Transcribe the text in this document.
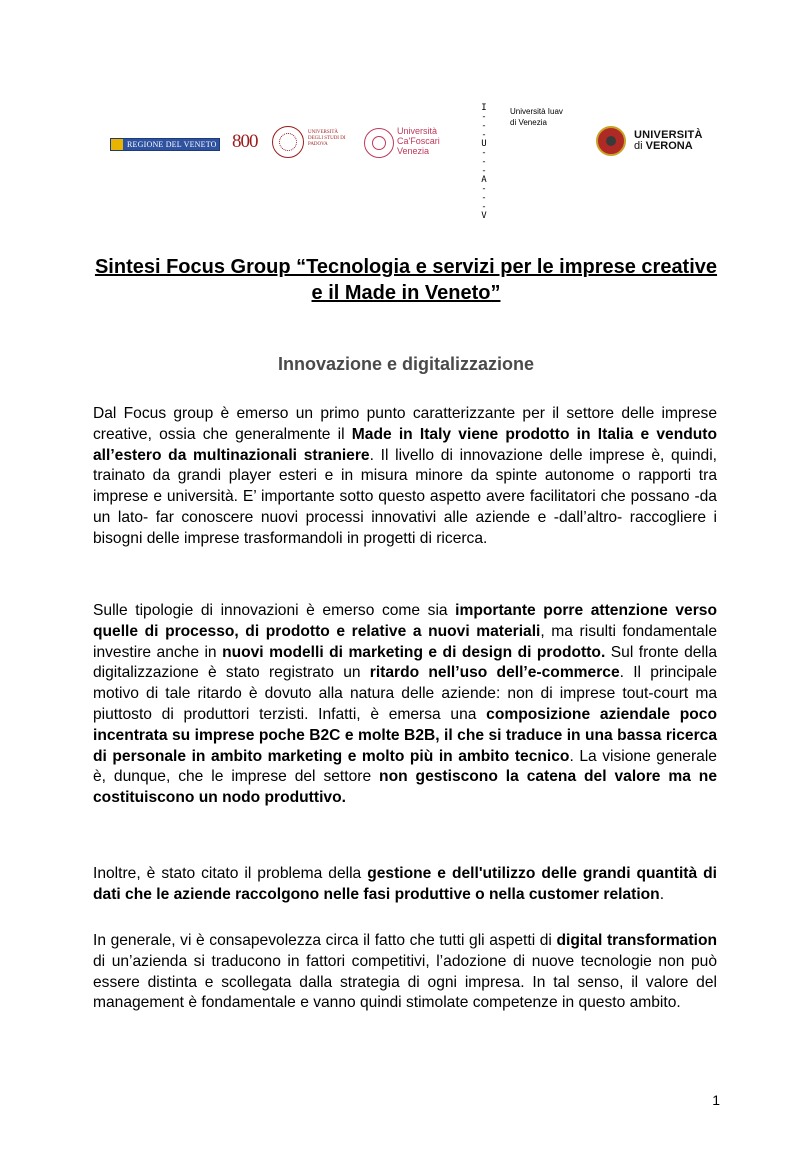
REGIONE DEL VENETO 800	UNIVERSITÀ DEGLI STUDI DI PADOVA
Università
Ca'Foscari
Venezia
I
- - -
U
- - -
A
- - -
V
Università Iuav
di Venezia
UNIVERSITÀ
di VERONA
Sintesi Focus Group “Tecnologia e servizi per le imprese creative e il Made in Veneto”
Innovazione e digitalizzazione

Dal Focus group è emerso un primo punto caratterizzante per il settore delle imprese creative, ossia che generalmente il Made in Italy viene prodotto in Italia e venduto all’estero da multinazionali straniere. Il livello di innovazione delle imprese è, quindi, trainato da grandi player esteri e in misura minore da spinte autonome o rapporti tra imprese e università. E’ importante sotto questo aspetto avere facilitatori che possano -da un lato- far conoscere nuovi processi innovativi alle aziende e -dall’altro- raccogliere i bisogni delle imprese trasformandoli in progetti di ricerca.

Sulle tipologie di innovazioni è emerso come sia importante porre attenzione verso quelle di processo, di prodotto e relative a nuovi materiali, ma risulti fondamentale investire anche in nuovi modelli di marketing e di design di prodotto. Sul fronte della digitalizzazione è stato registrato un ritardo nell’uso dell’e-commerce. Il principale motivo di tale ritardo è dovuto alla natura delle aziende: non di imprese tout-court ma piuttosto di produttori terzisti. Infatti, è emersa una composizione aziendale poco incentrata su imprese poche B2C e molte B2B, il che si traduce in una bassa ricerca di personale in ambito marketing e molto più in ambito tecnico. La visione generale è, dunque, che le imprese del settore non gestiscono la catena del valore ma ne costituiscono un nodo produttivo.

Inoltre, è stato citato il problema della gestione e dell'utilizzo delle grandi quantità di dati che le aziende raccolgono nelle fasi produttive o nella customer relation.

In generale, vi è consapevolezza circa il fatto che tutti gli aspetti di digital transformation di un’azienda si traducono in fattori competitivi, l’adozione di nuove tecnologie non può essere distinta e scollegata dalla strategia di ogni impresa. In tal senso, il valore del management è fondamentale e vanno quindi stimolate competenze in questo ambito.

1
